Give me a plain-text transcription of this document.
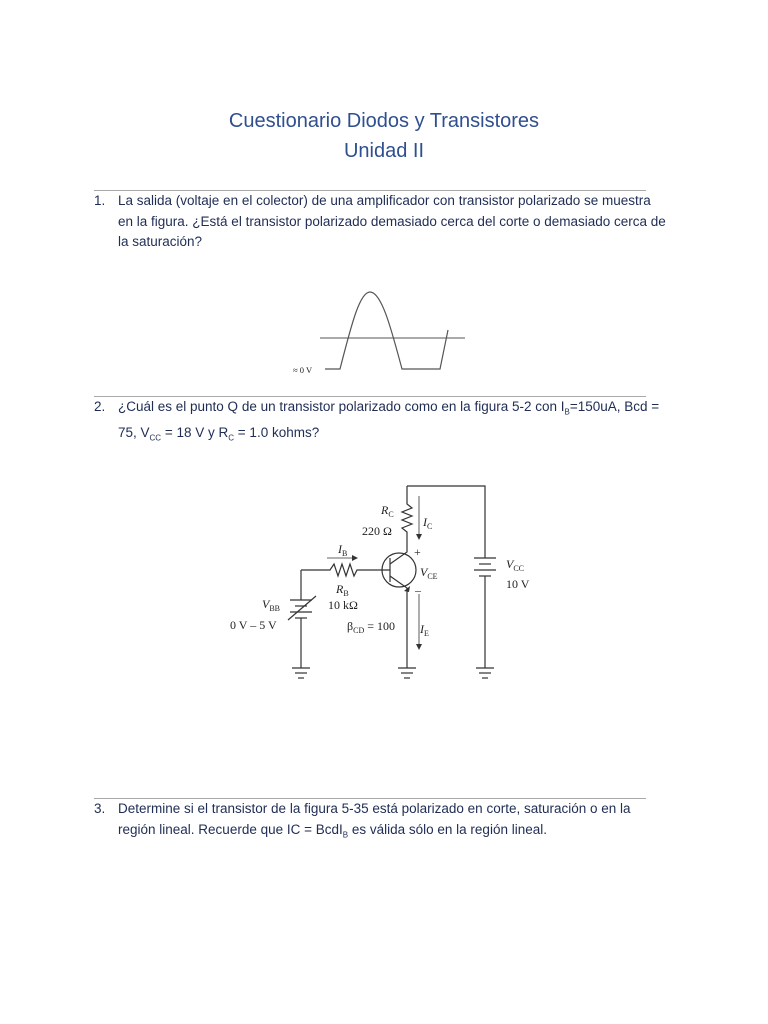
Cuestionario Diodos y Transistores
Unidad II
1. La salida (voltaje en el colector) de una amplificador con transistor polarizado se muestra en la figura. ¿Está el transistor polarizado demasiado cerca del corte o demasiado cerca de la saturación?
≈ 0 V
2. ¿Cuál es el punto Q de un transistor polarizado como en la figura 5-2 con $I_B=150uA$, Bcd = 75, $V_{CC} = 18$ V y $R_C = 1.0$ kohms?
$R_C$
220 Ω
$I_C$
$I_B$
$R_B$
10 kΩ
$V_{BB}$
0 V – 5 V	$\beta_{CD} = 100$
+
$V_{CE}$
–
$V_{CC}$
10 V
$I_E$
3. Determine si el transistor de la figura 5-35 está polarizado en corte, saturación o en la región lineal. Recuerde que IC = BcdI$_B$ es válida sólo en la región lineal.
